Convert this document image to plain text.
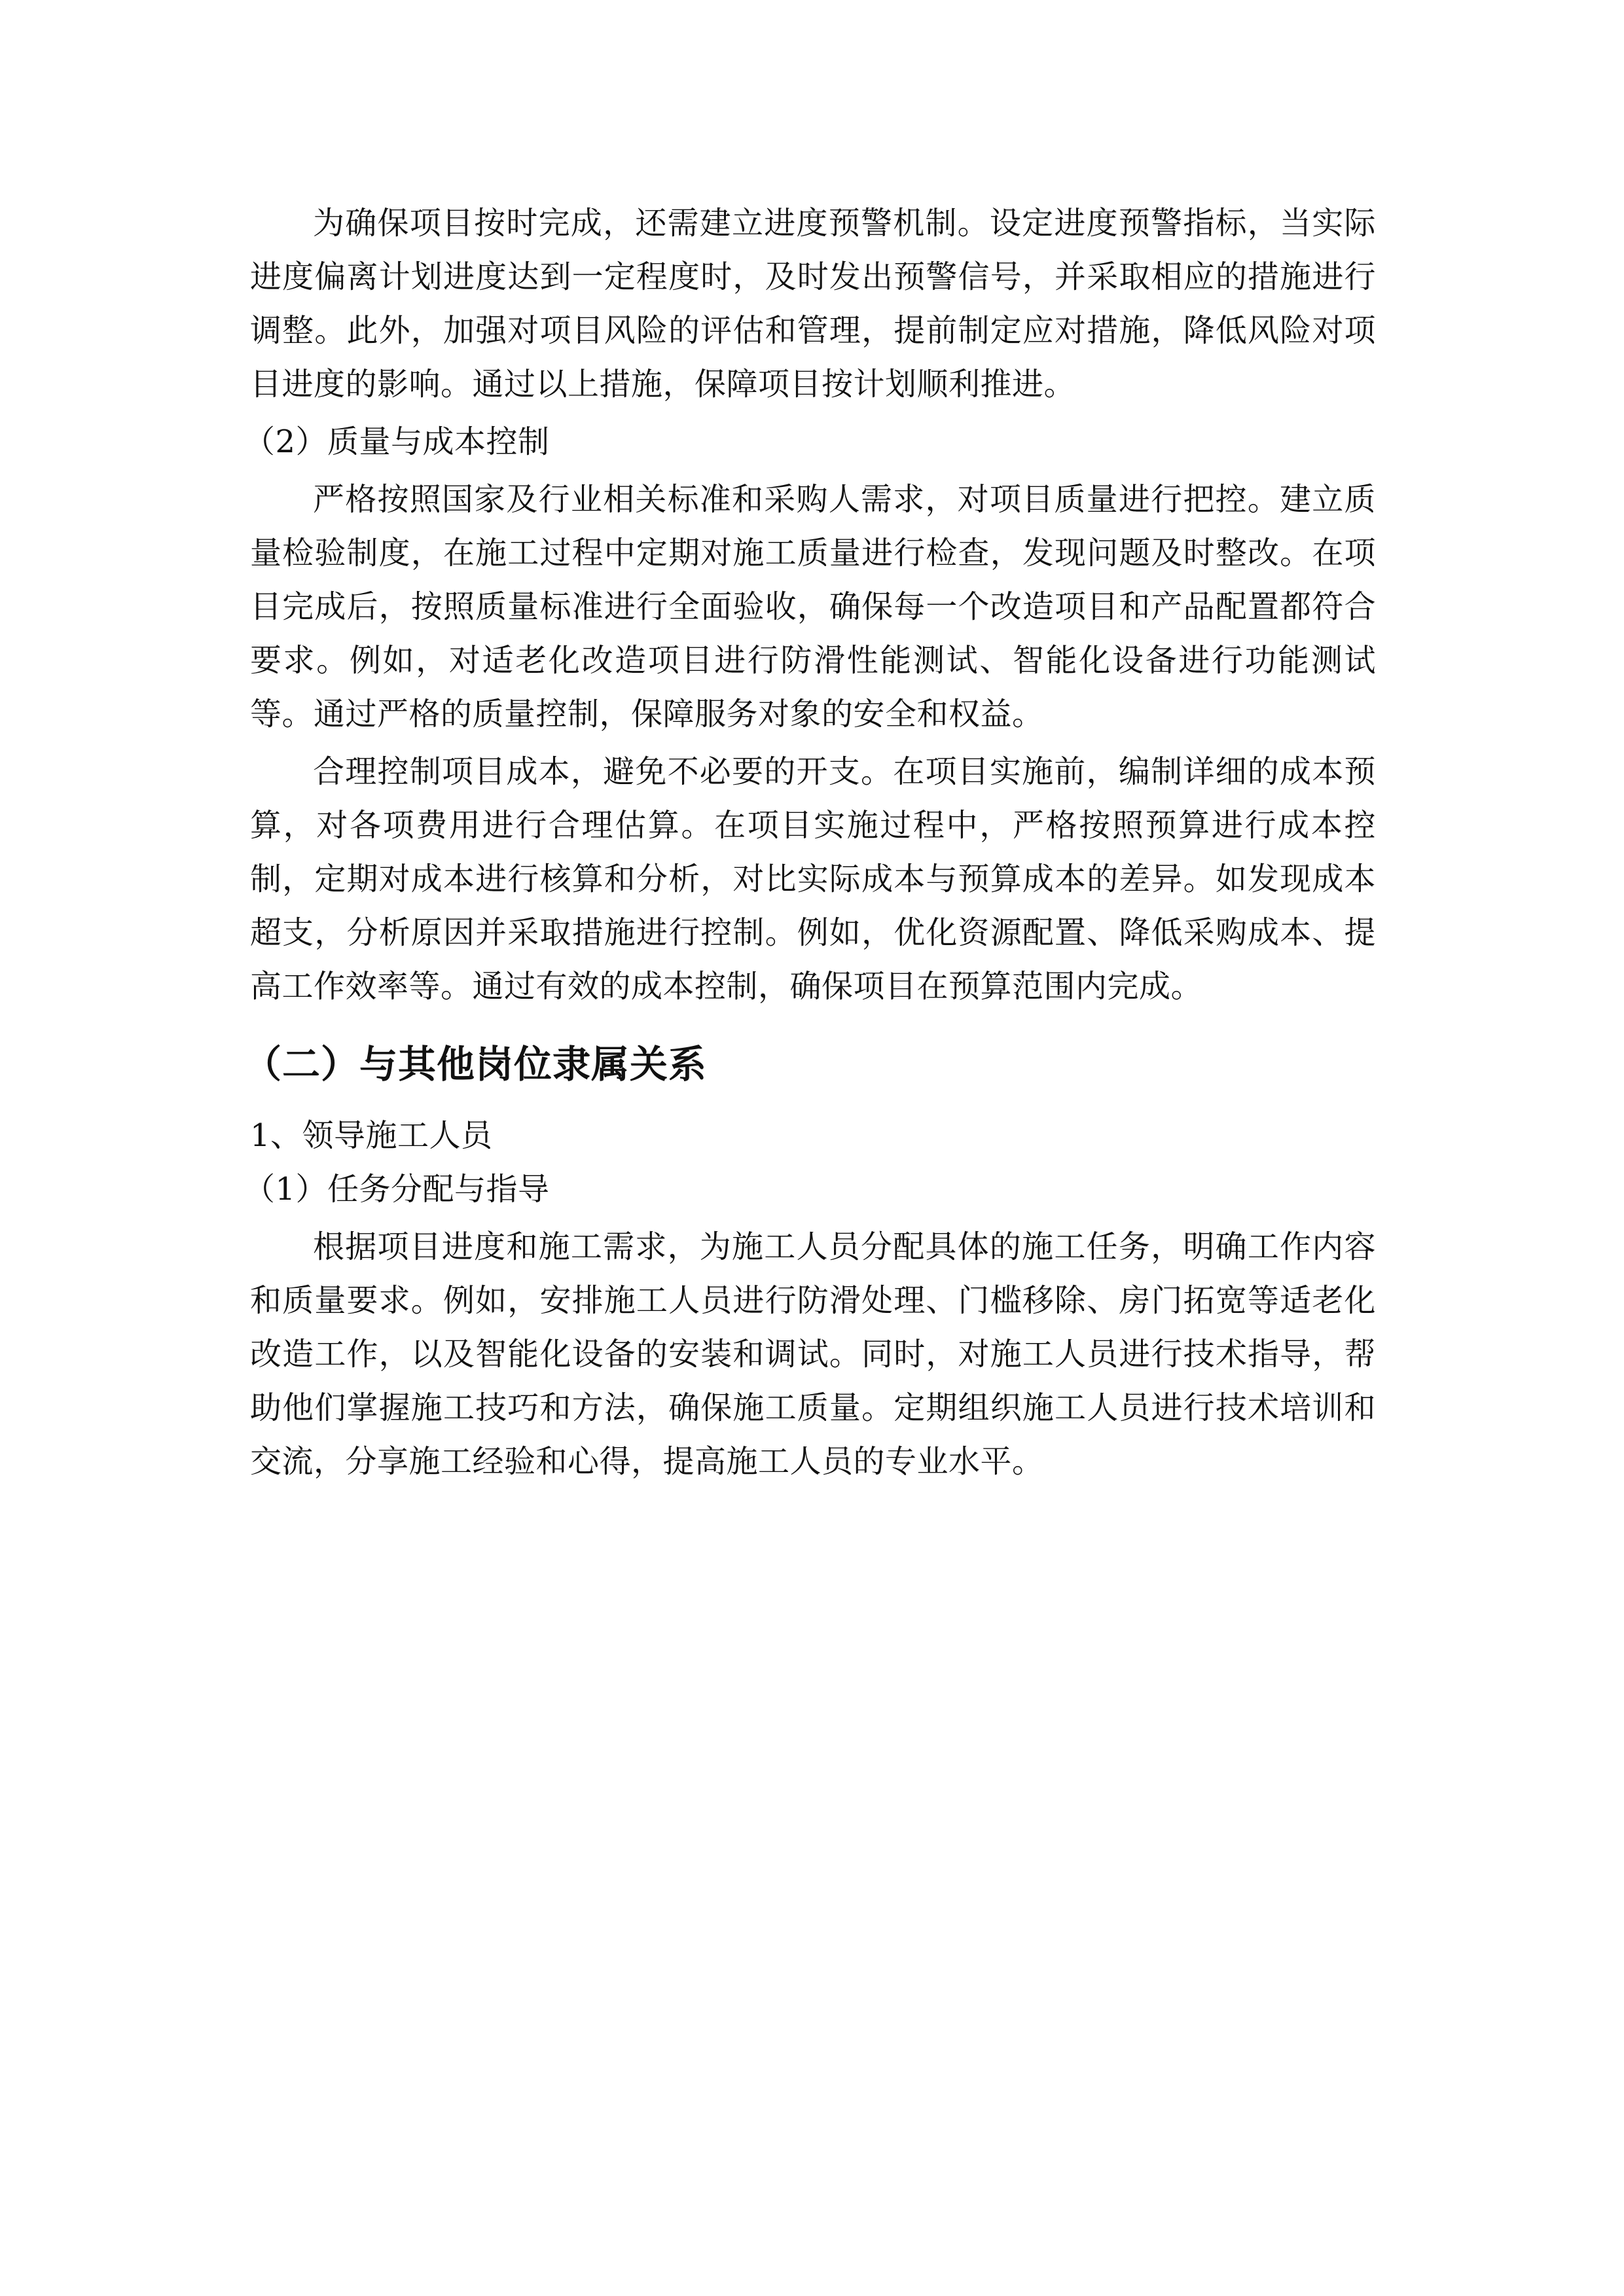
为确保项目按时完成，还需建立进度预警机制。设定进度预警指标，当实际进度偏离计划进度达到一定程度时，及时发出预警信号，并采取相应的措施进行调整。此外，加强对项目风险的评估和管理，提前制定应对措施，降低风险对项目进度的影响。通过以上措施，保障项目按计划顺利推进。

（2）质量与成本控制

严格按照国家及行业相关标准和采购人需求，对项目质量进行把控。建立质量检验制度，在施工过程中定期对施工质量进行检查，发现问题及时整改。在项目完成后，按照质量标准进行全面验收，确保每一个改造项目和产品配置都符合要求。例如，对适老化改造项目进行防滑性能测试、智能化设备进行功能测试等。通过严格的质量控制，保障服务对象的安全和权益。

合理控制项目成本，避免不必要的开支。在项目实施前，编制详细的成本预算，对各项费用进行合理估算。在项目实施过程中，严格按照预算进行成本控制，定期对成本进行核算和分析，对比实际成本与预算成本的差异。如发现成本超支，分析原因并采取措施进行控制。例如，优化资源配置、降低采购成本、提高工作效率等。通过有效的成本控制，确保项目在预算范围内完成。

（二）与其他岗位隶属关系

1、领导施工人员

（1）任务分配与指导

根据项目进度和施工需求，为施工人员分配具体的施工任务，明确工作内容和质量要求。例如，安排施工人员进行防滑处理、门槛移除、房门拓宽等适老化改造工作，以及智能化设备的安装和调试。同时，对施工人员进行技术指导，帮助他们掌握施工技巧和方法，确保施工质量。定期组织施工人员进行技术培训和交流，分享施工经验和心得，提高施工人员的专业水平。
